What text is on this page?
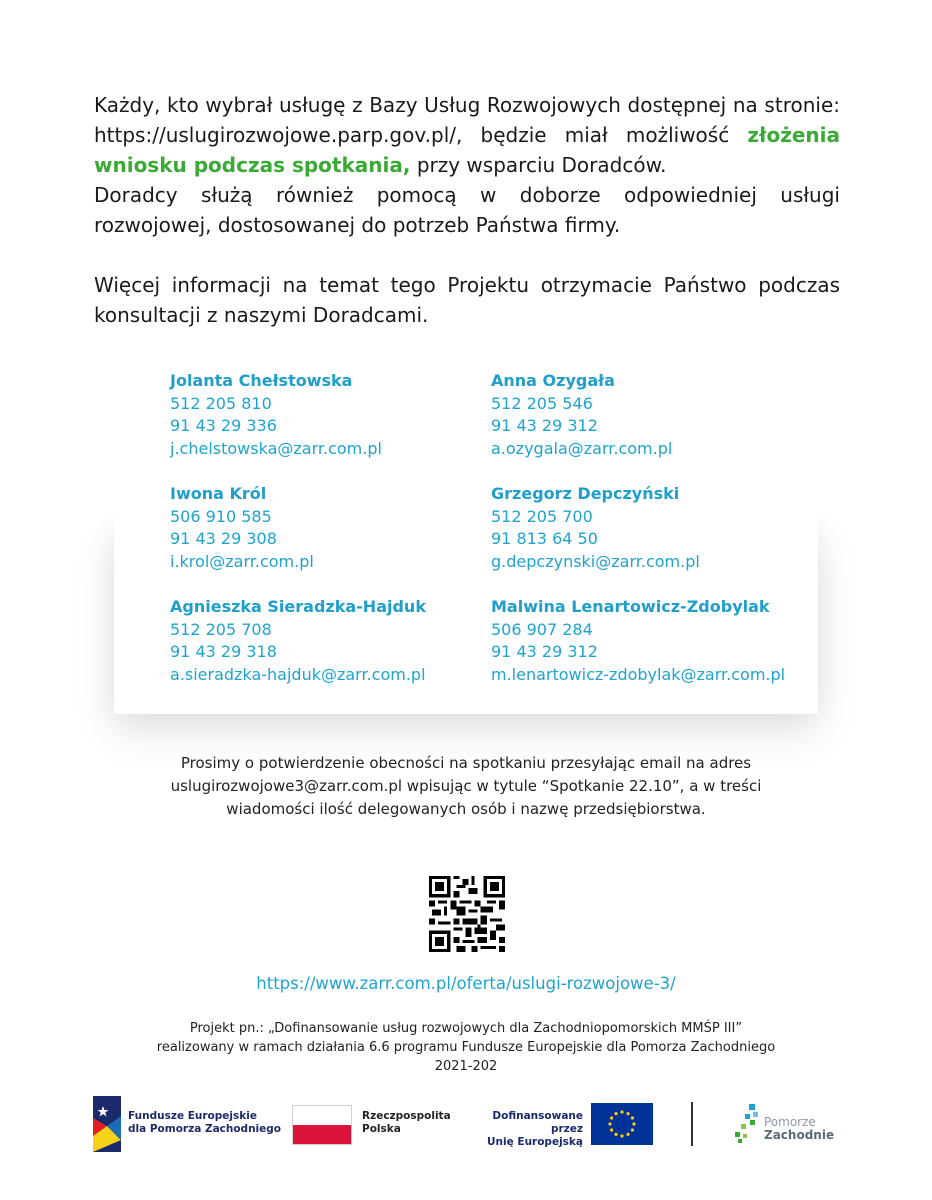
Każdy, kto wybrał usługę z Bazy Usług Rozwojowych dostępnej na stronie: https://uslugirozwojowe.parp.gov.pl/, będzie miał możliwość złożenia wniosku podczas spotkania, przy wsparciu Doradców.

Doradcy służą również pomocą w doborze odpowiedniej usługi rozwojowej, dostosowanej do potrzeb Państwa firmy.

Więcej informacji na temat tego Projektu otrzymacie Państwo podczas konsultacji z naszymi Doradcami.

Jolanta Chełstowska
512 205 810
91 43 29 336
j.chelstowska@zarr.com.pl
Anna Ozygała
512 205 546
91 43 29 312
a.ozygala@zarr.com.pl
Iwona Król
506 910 585
91 43 29 308
i.krol@zarr.com.pl
Grzegorz Depczyński
512 205 700
91 813 64 50
g.depczynski@zarr.com.pl
Agnieszka Sieradzka-Hajduk
512 205 708
91 43 29 318
a.sieradzka-hajduk@zarr.com.pl
Malwina Lenartowicz-Zdobylak
506 907 284
91 43 29 312
m.lenartowicz-zdobylak@zarr.com.pl
Prosimy o potwierdzenie obecności na spotkaniu przesyłając email na adres
uslugirozwojowe3@zarr.com.pl wpisując w tytule “Spotkanie 22.10”, a w treści
wiadomości ilość delegowanych osób i nazwę przedsiębiorstwa.
https://www.zarr.com.pl/oferta/uslugi-rozwojowe-3/
Projekt pn.: „Dofinansowanie usług rozwojowych dla Zachodniopomorskich MMŚP III”
realizowany w ramach działania 6.6 programu Fundusze Europejskie dla Pomorza Zachodniego
2021-202
Fundusze Europejskie
dla Pomorza Zachodniego
Rzeczpospolita
Polska
Dofinansowane przez
Unię Europejską
Pomorze
Zachodnie
